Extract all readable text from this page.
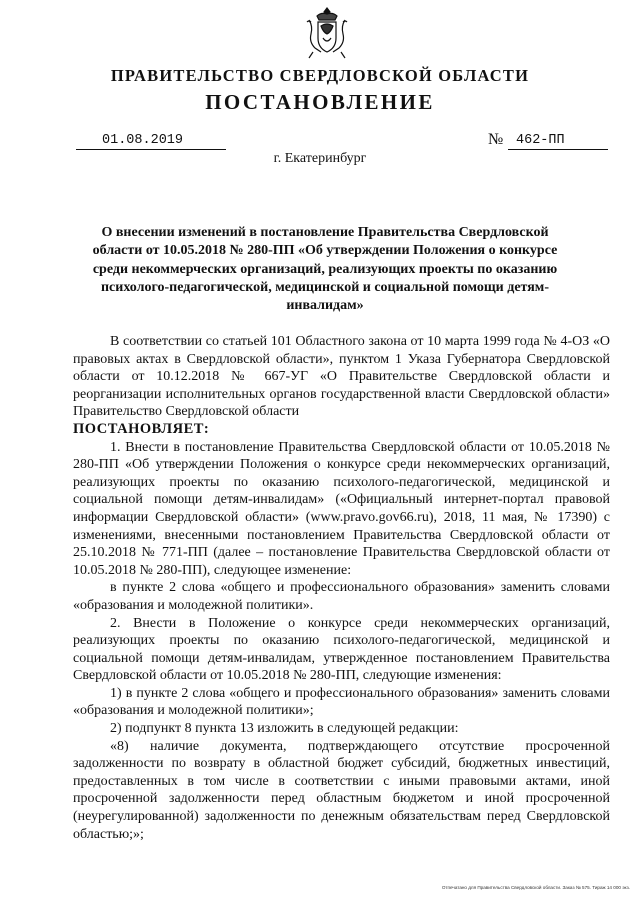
ПРАВИТЕЛЬСТВО СВЕРДЛОВСКОЙ ОБЛАСТИ
ПОСТАНОВЛЕНИЕ
01.08.2019	№ 462-ПП
г. Екатеринбург
О внесении изменений в постановление Правительства Свердловской области от 10.05.2018 № 280-ПП «Об утверждении Положения о конкурсе среди некоммерческих организаций, реализующих проекты по оказанию психолого-педагогической, медицинской и социальной помощи детям-инвалидам»

В соответствии со статьей 101 Областного закона от 10 марта 1999 года № 4-ОЗ «О правовых актах в Свердловской области», пунктом 1 Указа Губернатора Свердловской области от 10.12.2018 № 667-УГ «О Правительстве Свердловской области и реорганизации исполнительных органов государственной власти Свердловской области» Правительство Свердловской области

ПОСТАНОВЛЯЕТ:

1. Внести в постановление Правительства Свердловской области от 10.05.2018 № 280-ПП «Об утверждении Положения о конкурсе среди некоммерческих организаций, реализующих проекты по оказанию психолого-педагогической, медицинской и социальной помощи детям-инвалидам» («Официальный интернет-портал правовой информации Свердловской области» (www.pravo.gov66.ru), 2018, 11 мая, № 17390) с изменениями, внесенными постановлением Правительства Свердловской области от 25.10.2018 № 771-ПП (далее – постановление Правительства Свердловской области от 10.05.2018 № 280-ПП), следующее изменение:

в пункте 2 слова «общего и профессионального образования» заменить словами «образования и молодежной политики».

2. Внести в Положение о конкурсе среди некоммерческих организаций, реализующих проекты по оказанию психолого-педагогической, медицинской и социальной помощи детям-инвалидам, утвержденное постановлением Правительства Свердловской области от 10.05.2018 № 280-ПП, следующие изменения:

1) в пункте 2 слова «общего и профессионального образования» заменить словами «образования и молодежной политики»;

2) подпункт 8 пункта 13 изложить в следующей редакции:

«8) наличие документа, подтверждающего отсутствие просроченной задолженности по возврату в областной бюджет субсидий, бюджетных инвестиций, предоставленных в том числе в соответствии с иными правовыми актами, иной просроченной задолженности перед областным бюджетом и иной просроченной (неурегулированной) задолженности по денежным обязательствам перед Свердловской областью;»;

Отпечатано для Правительства Свердловской области. Заказ № 575. Тираж 14 000 экз.
